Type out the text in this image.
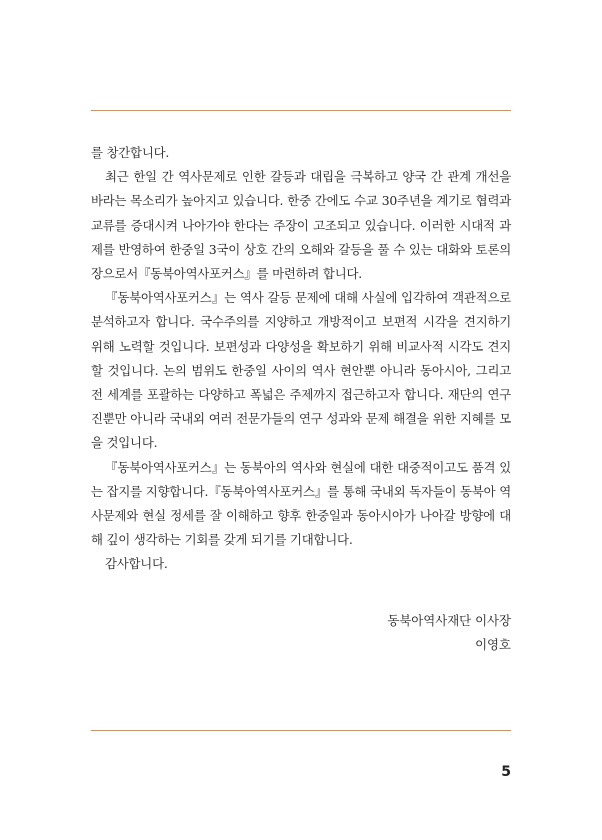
를 창간합니다.

최근 한일 간 역사문제로 인한 갈등과 대립을 극복하고 양국 간 관계 개선을 바라는 목소리가 높아지고 있습니다. 한중 간에도 수교 30주년을 계기로 협력과 교류를 증대시켜 나아가야 한다는 주장이 고조되고 있습니다. 이러한 시대적 과제를 반영하여 한중일 3국이 상호 간의 오해와 갈등을 풀 수 있는 대화와 토론의 장으로서『동북아역사포커스』를 마련하려 합니다.

『동북아역사포커스』는 역사 갈등 문제에 대해 사실에 입각하여 객관적으로 분석하고자 합니다. 국수주의를 지양하고 개방적이고 보편적 시각을 견지하기 위해 노력할 것입니다. 보편성과 다양성을 확보하기 위해 비교사적 시각도 견지할 것입니다. 논의 범위도 한중일 사이의 역사 현안뿐 아니라 동아시아, 그리고 전 세계를 포괄하는 다양하고 폭넓은 주제까지 접근하고자 합니다. 재단의 연구진뿐만 아니라 국내외 여러 전문가들의 연구 성과와 문제 해결을 위한 지혜를 모을 것입니다.

『동북아역사포커스』는 동북아의 역사와 현실에 대한 대중적이고도 품격 있는 잡지를 지향합니다.『동북아역사포커스』를 통해 국내외 독자들이 동북아 역사문제와 현실 정세를 잘 이해하고 향후 한중일과 동아시아가 나아갈 방향에 대해 깊이 생각하는 기회를 갖게 되기를 기대합니다.

감사합니다.

동북아역사재단 이사장
이영호
5
